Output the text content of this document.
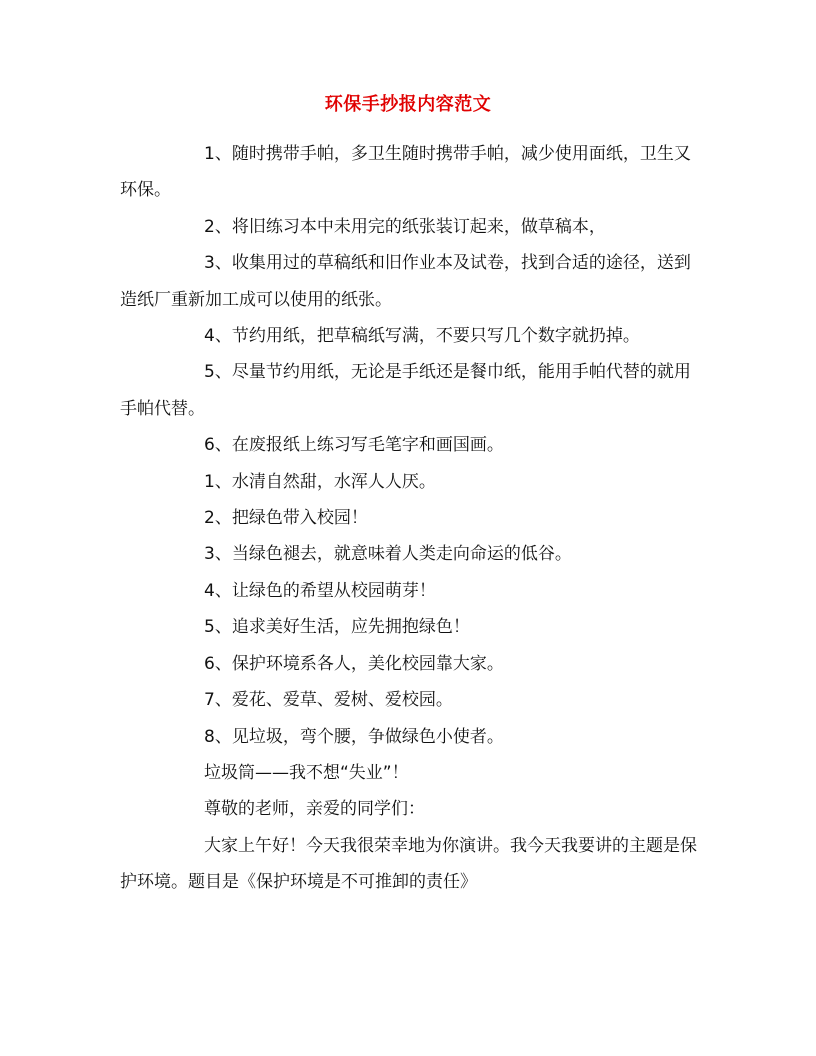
环保手抄报内容范文

1、随时携带手帕，多卫生随时携带手帕，减少使用面纸，卫生又环保。

2、将旧练习本中未用完的纸张装订起来，做草稿本，

3、收集用过的草稿纸和旧作业本及试卷，找到合适的途径，送到造纸厂重新加工成可以使用的纸张。

4、节约用纸，把草稿纸写满，不要只写几个数字就扔掉。

5、尽量节约用纸，无论是手纸还是餐巾纸，能用手帕代替的就用手帕代替。

6、在废报纸上练习写毛笔字和画国画。

1、水清自然甜，水浑人人厌。

2、把绿色带入校园！

3、当绿色褪去，就意味着人类走向命运的低谷。

4、让绿色的希望从校园萌芽！

5、追求美好生活，应先拥抱绿色！

6、保护环境系各人，美化校园靠大家。

7、爱花、爱草、爱树、爱校园。

8、见垃圾，弯个腰，争做绿色小使者。

垃圾筒——我不想“失业”！

尊敬的老师，亲爱的同学们：

大家上午好！今天我很荣幸地为你演讲。我今天我要讲的主题是保护环境。题目是《保护环境是不可推卸的责任》
